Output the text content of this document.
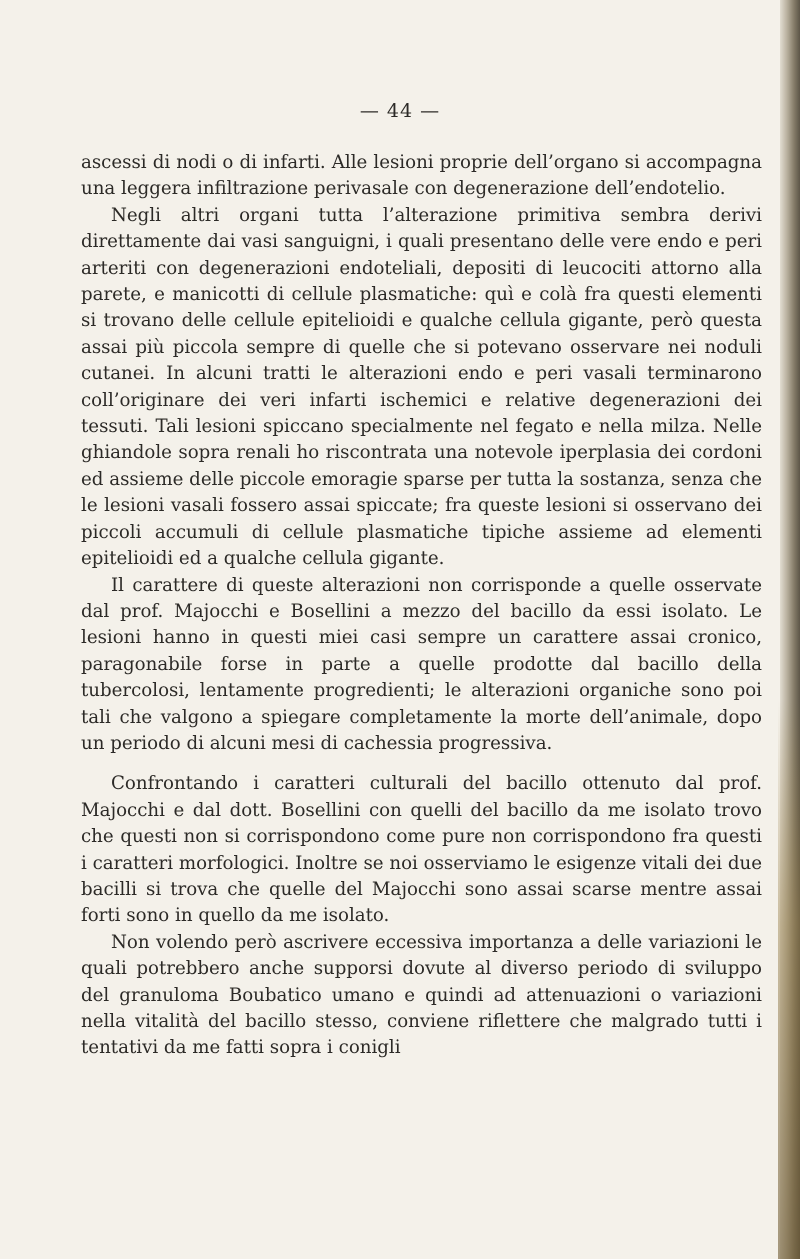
— 44 —

ascessi di nodi o di infarti. Alle lesioni proprie dell’organo si accompagna una leggera infiltrazione perivasale con degenerazione dell’endotelio.

Negli altri organi tutta l’alterazione primitiva sembra derivi direttamente dai vasi sanguigni, i quali presentano delle vere endo e peri arteriti con degenerazioni endoteliali, depositi di leucociti attorno alla parete, e manicotti di cellule plasmatiche: quì e colà fra questi elementi si trovano delle cellule epitelioidi e qualche cellula gigante, però questa assai più piccola sempre di quelle che si potevano osservare nei noduli cutanei. In alcuni tratti le alterazioni endo e peri vasali terminarono coll’originare dei veri infarti ischemici e relative degenerazioni dei tessuti. Tali lesioni spiccano specialmente nel fegato e nella milza. Nelle ghiandole sopra renali ho riscontrata una notevole iperplasia dei cordoni ed assieme delle piccole emoragie sparse per tutta la sostanza, senza che le lesioni vasali fossero assai spiccate; fra queste lesioni si osservano dei piccoli accumuli di cellule plasmatiche tipiche assieme ad elementi epitelioidi ed a qualche cellula gigante.

Il carattere di queste alterazioni non corrisponde a quelle osservate dal prof. Majocchi e Bosellini a mezzo del bacillo da essi isolato. Le lesioni hanno in questi miei casi sempre un carattere assai cronico, paragonabile forse in parte a quelle prodotte dal bacillo della tubercolosi, lentamente progredienti; le alterazioni organiche sono poi tali che valgono a spiegare completamente la morte dell’animale, dopo un periodo di alcuni mesi di cachessia progressiva.

Confrontando i caratteri culturali del bacillo ottenuto dal prof. Majocchi e dal dott. Bosellini con quelli del bacillo da me isolato trovo che questi non si corrispondono come pure non corrispondono fra questi i caratteri morfologici. Inoltre se noi osserviamo le esigenze vitali dei due bacilli si trova che quelle del Majocchi sono assai scarse mentre assai forti sono in quello da me isolato.

Non volendo però ascrivere eccessiva importanza a delle variazioni le quali potrebbero anche supporsi dovute al diverso periodo di sviluppo del granuloma Boubatico umano e quindi ad attenuazioni o variazioni nella vitalità del bacillo stesso, conviene riflettere che malgrado tutti i tentativi da me fatti sopra i conigli
